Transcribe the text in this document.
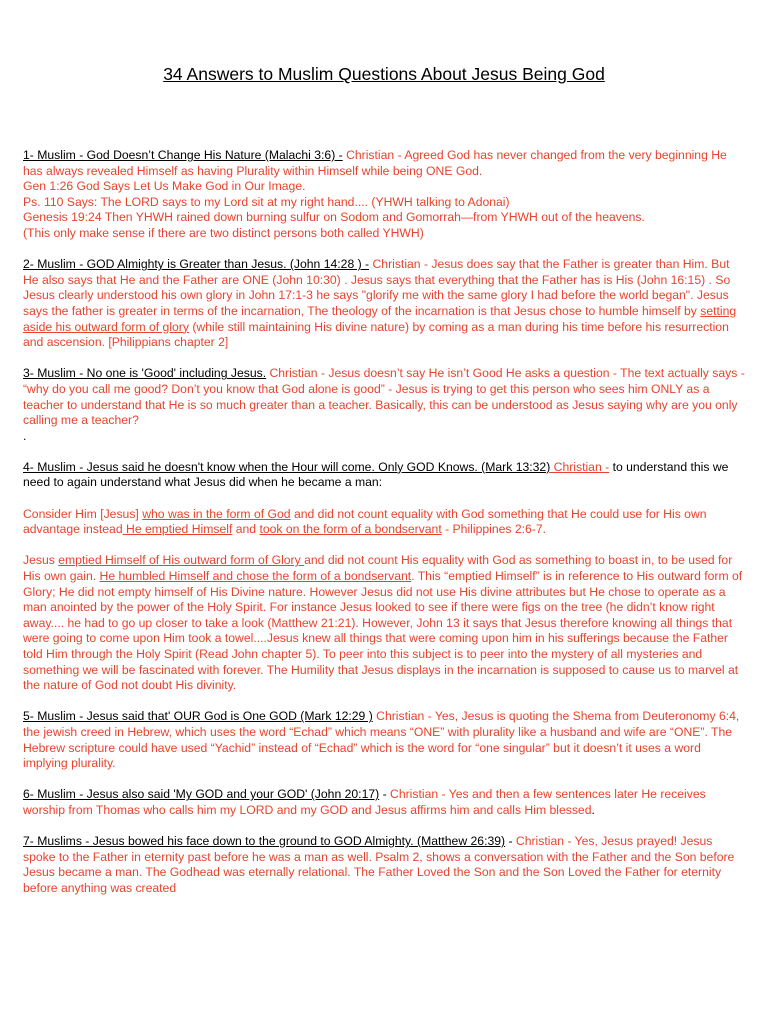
34 Answers to Muslim Questions About Jesus Being God

1- Muslim - God Doesn’t Change His Nature (Malachi 3:6) - Christian - Agreed God has never changed from the very beginning He has always revealed Himself as having Plurality within Himself while being ONE God.
Gen 1:26 God Says Let Us Make God in Our Image.
Ps. 110 Says: The LORD says to my Lord sit at my right hand.... (YHWH talking to Adonai)
Genesis 19:24 Then YHWH rained down burning sulfur on Sodom and Gomorrah—from YHWH out of the heavens.
(This only make sense if there are two distinct persons both called YHWH)

2- Muslim - GOD Almighty is Greater than Jesus. (John 14:28 ) - Christian - Jesus does say that the Father is greater than Him. But He also says that He and the Father are ONE (John 10:30) . Jesus says that everything that the Father has is His (John 16:15) . So Jesus clearly understood his own glory in John 17:1-3 he says "glorify me with the same glory I had before the world began". Jesus says the father is greater in terms of the incarnation, The theology of the incarnation is that Jesus chose to humble himself by setting aside his outward form of glory (while still maintaining His divine nature) by coming as a man during his time before his resurrection and ascension. [Philippians chapter 2]

3- Muslim - No one is 'Good' including Jesus. Christian - Jesus doesn’t say He isn’t Good He asks a question - The text actually says - “why do you call me good? Don’t you know that God alone is good” - Jesus is trying to get this person who sees him ONLY as a teacher to understand that He is so much greater than a teacher. Basically, this can be understood as Jesus saying why are you only calling me a teacher?
.

4- Muslim - Jesus said he doesn't know when the Hour will come. Only GOD Knows. (Mark 13:32) Christian - to understand this we need to again understand what Jesus did when he became a man:

Consider Him [Jesus] who was in the form of God and did not count equality with God something that He could use for His own advantage instead He emptied Himself and took on the form of a bondservant - Philippines 2:6-7.

Jesus emptied Himself of His outward form of Glory and did not count His equality with God as something to boast in, to be used for His own gain. He humbled Himself and chose the form of a bondservant. This “emptied Himself” is in reference to His outward form of Glory; He did not empty himself of His Divine nature. However Jesus did not use His divine attributes but He chose to operate as a man anointed by the power of the Holy Spirit. For instance Jesus looked to see if there were figs on the tree (he didn’t know right away.... he had to go up closer to take a look (Matthew 21:21). However, John 13 it says that Jesus therefore knowing all things that were going to come upon Him took a towel....Jesus knew all things that were coming upon him in his sufferings because the Father told Him through the Holy Spirit (Read John chapter 5). To peer into this subject is to peer into the mystery of all mysteries and something we will be fascinated with forever. The Humility that Jesus displays in the incarnation is supposed to cause us to marvel at the nature of God not doubt His divinity.

5- Muslim - Jesus said that' OUR God is One GOD (Mark 12:29 ) Christian - Yes, Jesus is quoting the Shema from Deuteronomy 6:4, the jewish creed in Hebrew, which uses the word “Echad” which means “ONE” with plurality like a husband and wife are “ONE”. The Hebrew scripture could have used “Yachid” instead of “Echad” which is the word for “one singular” but it doesn’t it uses a word implying plurality.

6- Muslim - Jesus also said 'My GOD and your GOD' (John 20:17) - Christian - Yes and then a few sentences later He receives worship from Thomas who calls him my LORD and my GOD and Jesus affirms him and calls Him blessed.

7- Muslims - Jesus bowed his face down to the ground to GOD Almighty. (Matthew 26:39) - Christian - Yes, Jesus prayed! Jesus spoke to the Father in eternity past before he was a man as well. Psalm 2, shows a conversation with the Father and the Son before Jesus became a man. The Godhead was eternally relational. The Father Loved the Son and the Son Loved the Father for eternity before anything was created
